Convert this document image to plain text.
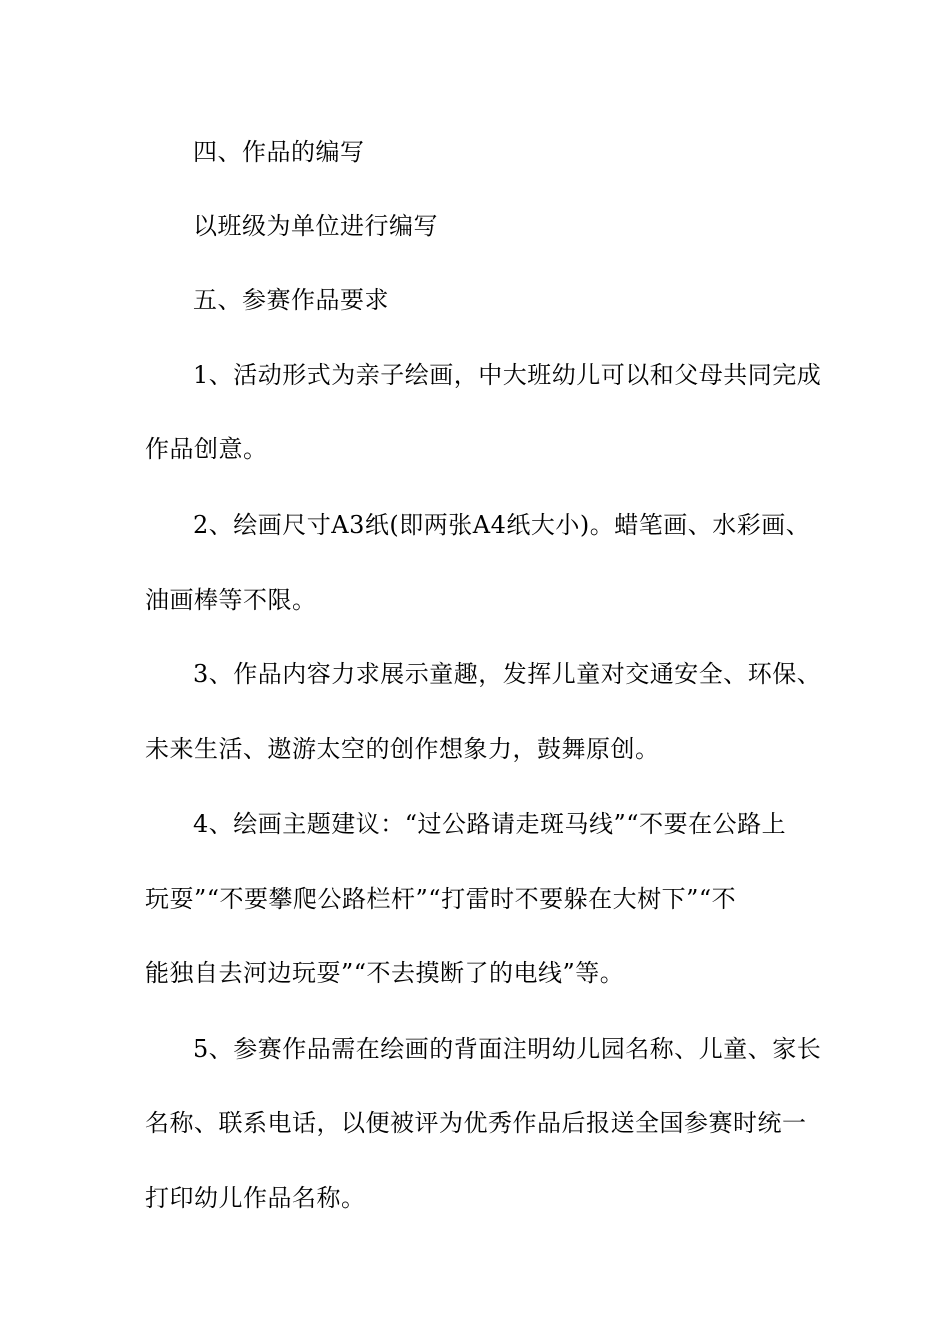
四、作品的编写
以班级为单位进行编写
五、参赛作品要求
1、活动形式为亲子绘画，中大班幼儿可以和父母共同完成
作品创意。
2、绘画尺寸A3纸(即两张A4纸大小)。蜡笔画、水彩画、
油画棒等不限。
3、作品内容力求展示童趣，发挥儿童对交通安全、环保、
未来生活、遨游太空的创作想象力，鼓舞原创。
4、绘画主题建议：“过公路请走斑马线”“不要在公路上
玩耍”“不要攀爬公路栏杆”“打雷时不要躲在大树下”“不
能独自去河边玩耍”“不去摸断了的电线”等。
5、参赛作品需在绘画的背面注明幼儿园名称、儿童、家长
名称、联系电话，以便被评为优秀作品后报送全国参赛时统一
打印幼儿作品名称。
